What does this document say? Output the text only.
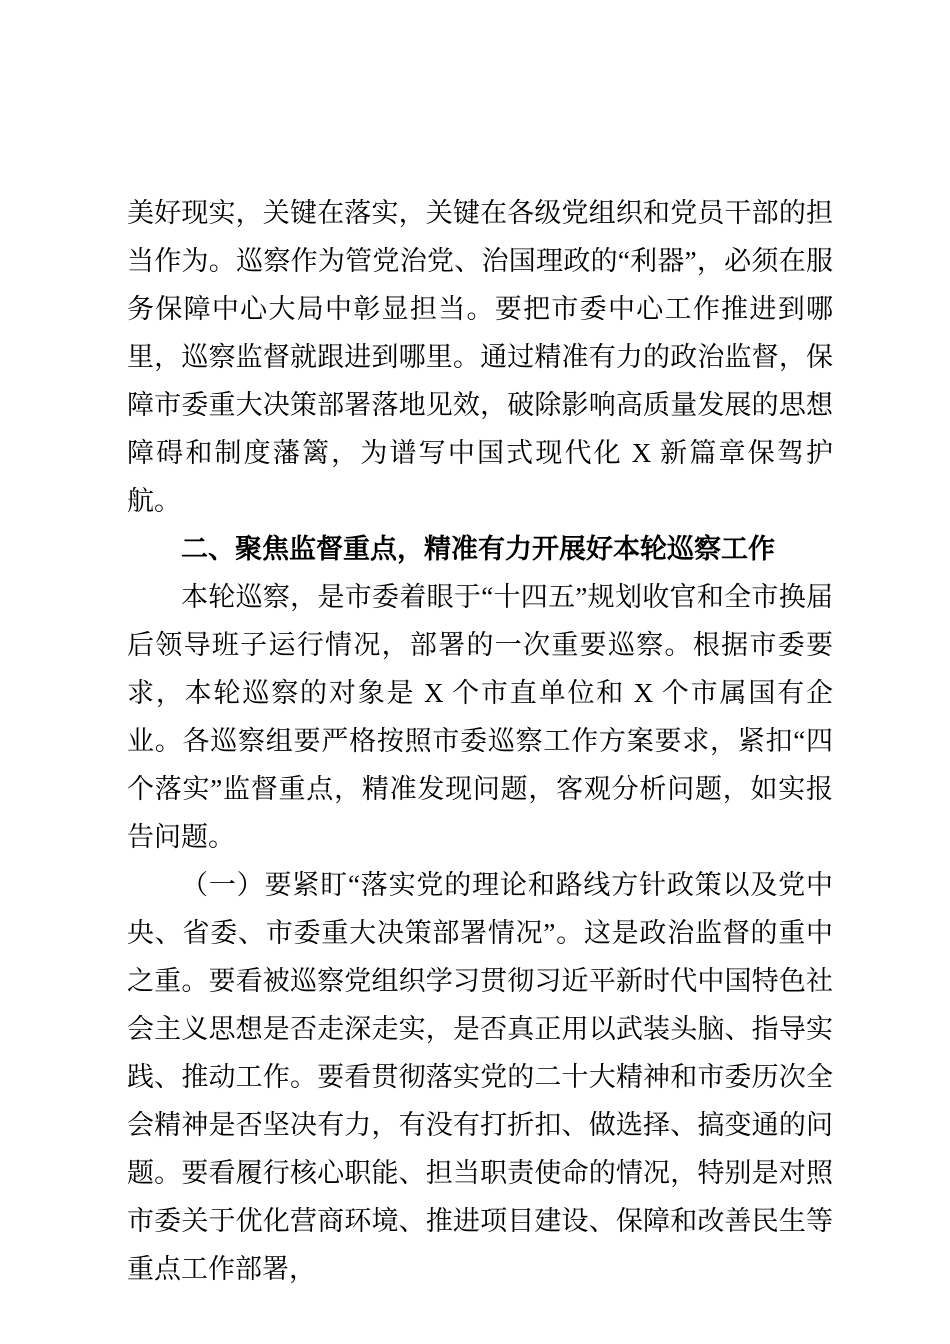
美好现实，关键在落实，关键在各级党组织和党员干部的担当作为。巡察作为管党治党、治国理政的“利器”，必须在服务保障中心大局中彰显担当。要把市委中心工作推进到哪里，巡察监督就跟进到哪里。通过精准有力的政治监督，保障市委重大决策部署落地见效，破除影响高质量发展的思想障碍和制度藩篱，为谱写中国式现代化 X 新篇章保驾护航。

二、聚焦监督重点，精准有力开展好本轮巡察工作

本轮巡察，是市委着眼于“十四五”规划收官和全市换届后领导班子运行情况，部署的一次重要巡察。根据市委要求，本轮巡察的对象是 X 个市直单位和 X 个市属国有企业。各巡察组要严格按照市委巡察工作方案要求，紧扣“四个落实”监督重点，精准发现问题，客观分析问题，如实报告问题。

（一）要紧盯“落实党的理论和路线方针政策以及党中央、省委、市委重大决策部署情况”。这是政治监督的重中之重。要看被巡察党组织学习贯彻习近平新时代中国特色社会主义思想是否走深走实，是否真正用以武装头脑、指导实践、推动工作。要看贯彻落实党的二十大精神和市委历次全会精神是否坚决有力，有没有打折扣、做选择、搞变通的问题。要看履行核心职能、担当职责使命的情况，特别是对照市委关于优化营商环境、推进项目建设、保障和改善民生等重点工作部署，
